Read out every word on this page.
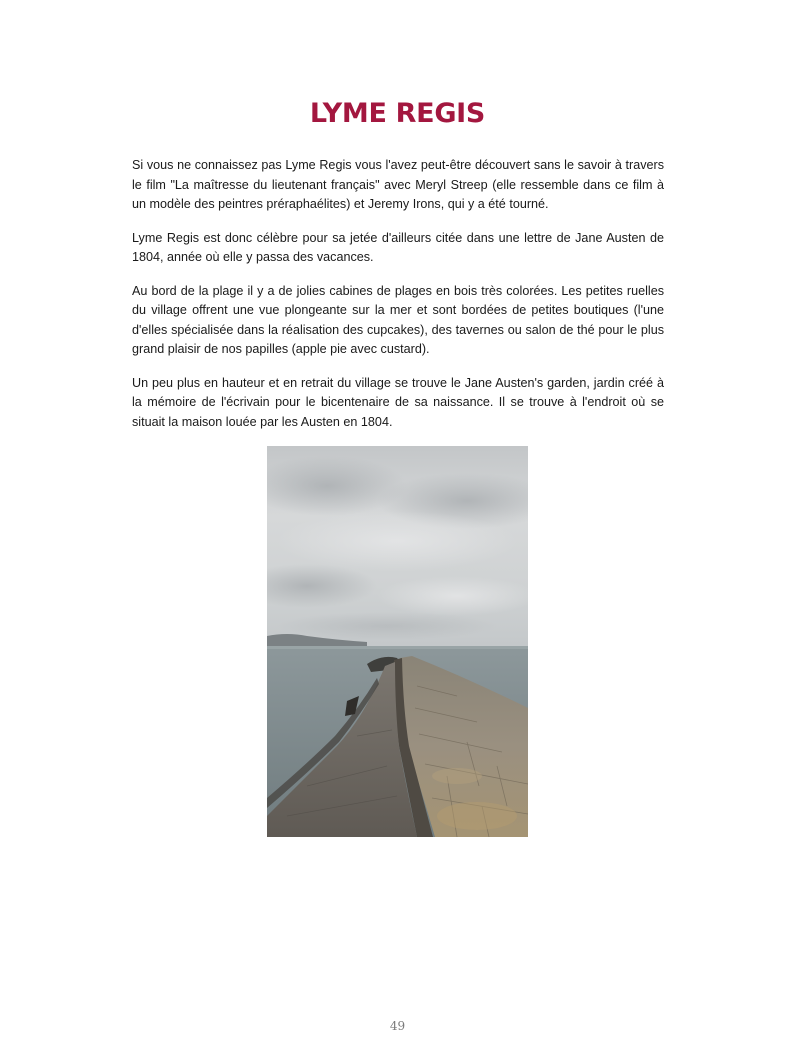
LYME REGIS

Si vous ne connaissez pas Lyme Regis vous l'avez peut-être découvert sans le savoir à travers le film "La maîtresse du lieutenant français" avec Meryl Streep (elle ressemble dans ce film à un modèle des peintres préraphaélites) et Jeremy Irons, qui y a été tourné.

Lyme Regis est donc célèbre pour sa jetée d'ailleurs citée dans une lettre de Jane Austen de 1804, année où elle y passa des vacances.

Au bord de la plage il y a de jolies cabines de plages en bois très colorées. Les petites ruelles du village offrent une vue plongeante sur la mer et sont bordées de petites boutiques (l'une d'elles spécialisée dans la réalisation des cupcakes), des tavernes ou salon de thé pour le plus grand plaisir de nos papilles (apple pie avec custard).

Un peu plus en hauteur et en retrait du village se trouve le Jane Austen's garden, jardin créé à la mémoire de l'écrivain pour le bicentenaire de sa naissance. Il se trouve à l'endroit où se situait la maison louée par les Austen en 1804.

49
